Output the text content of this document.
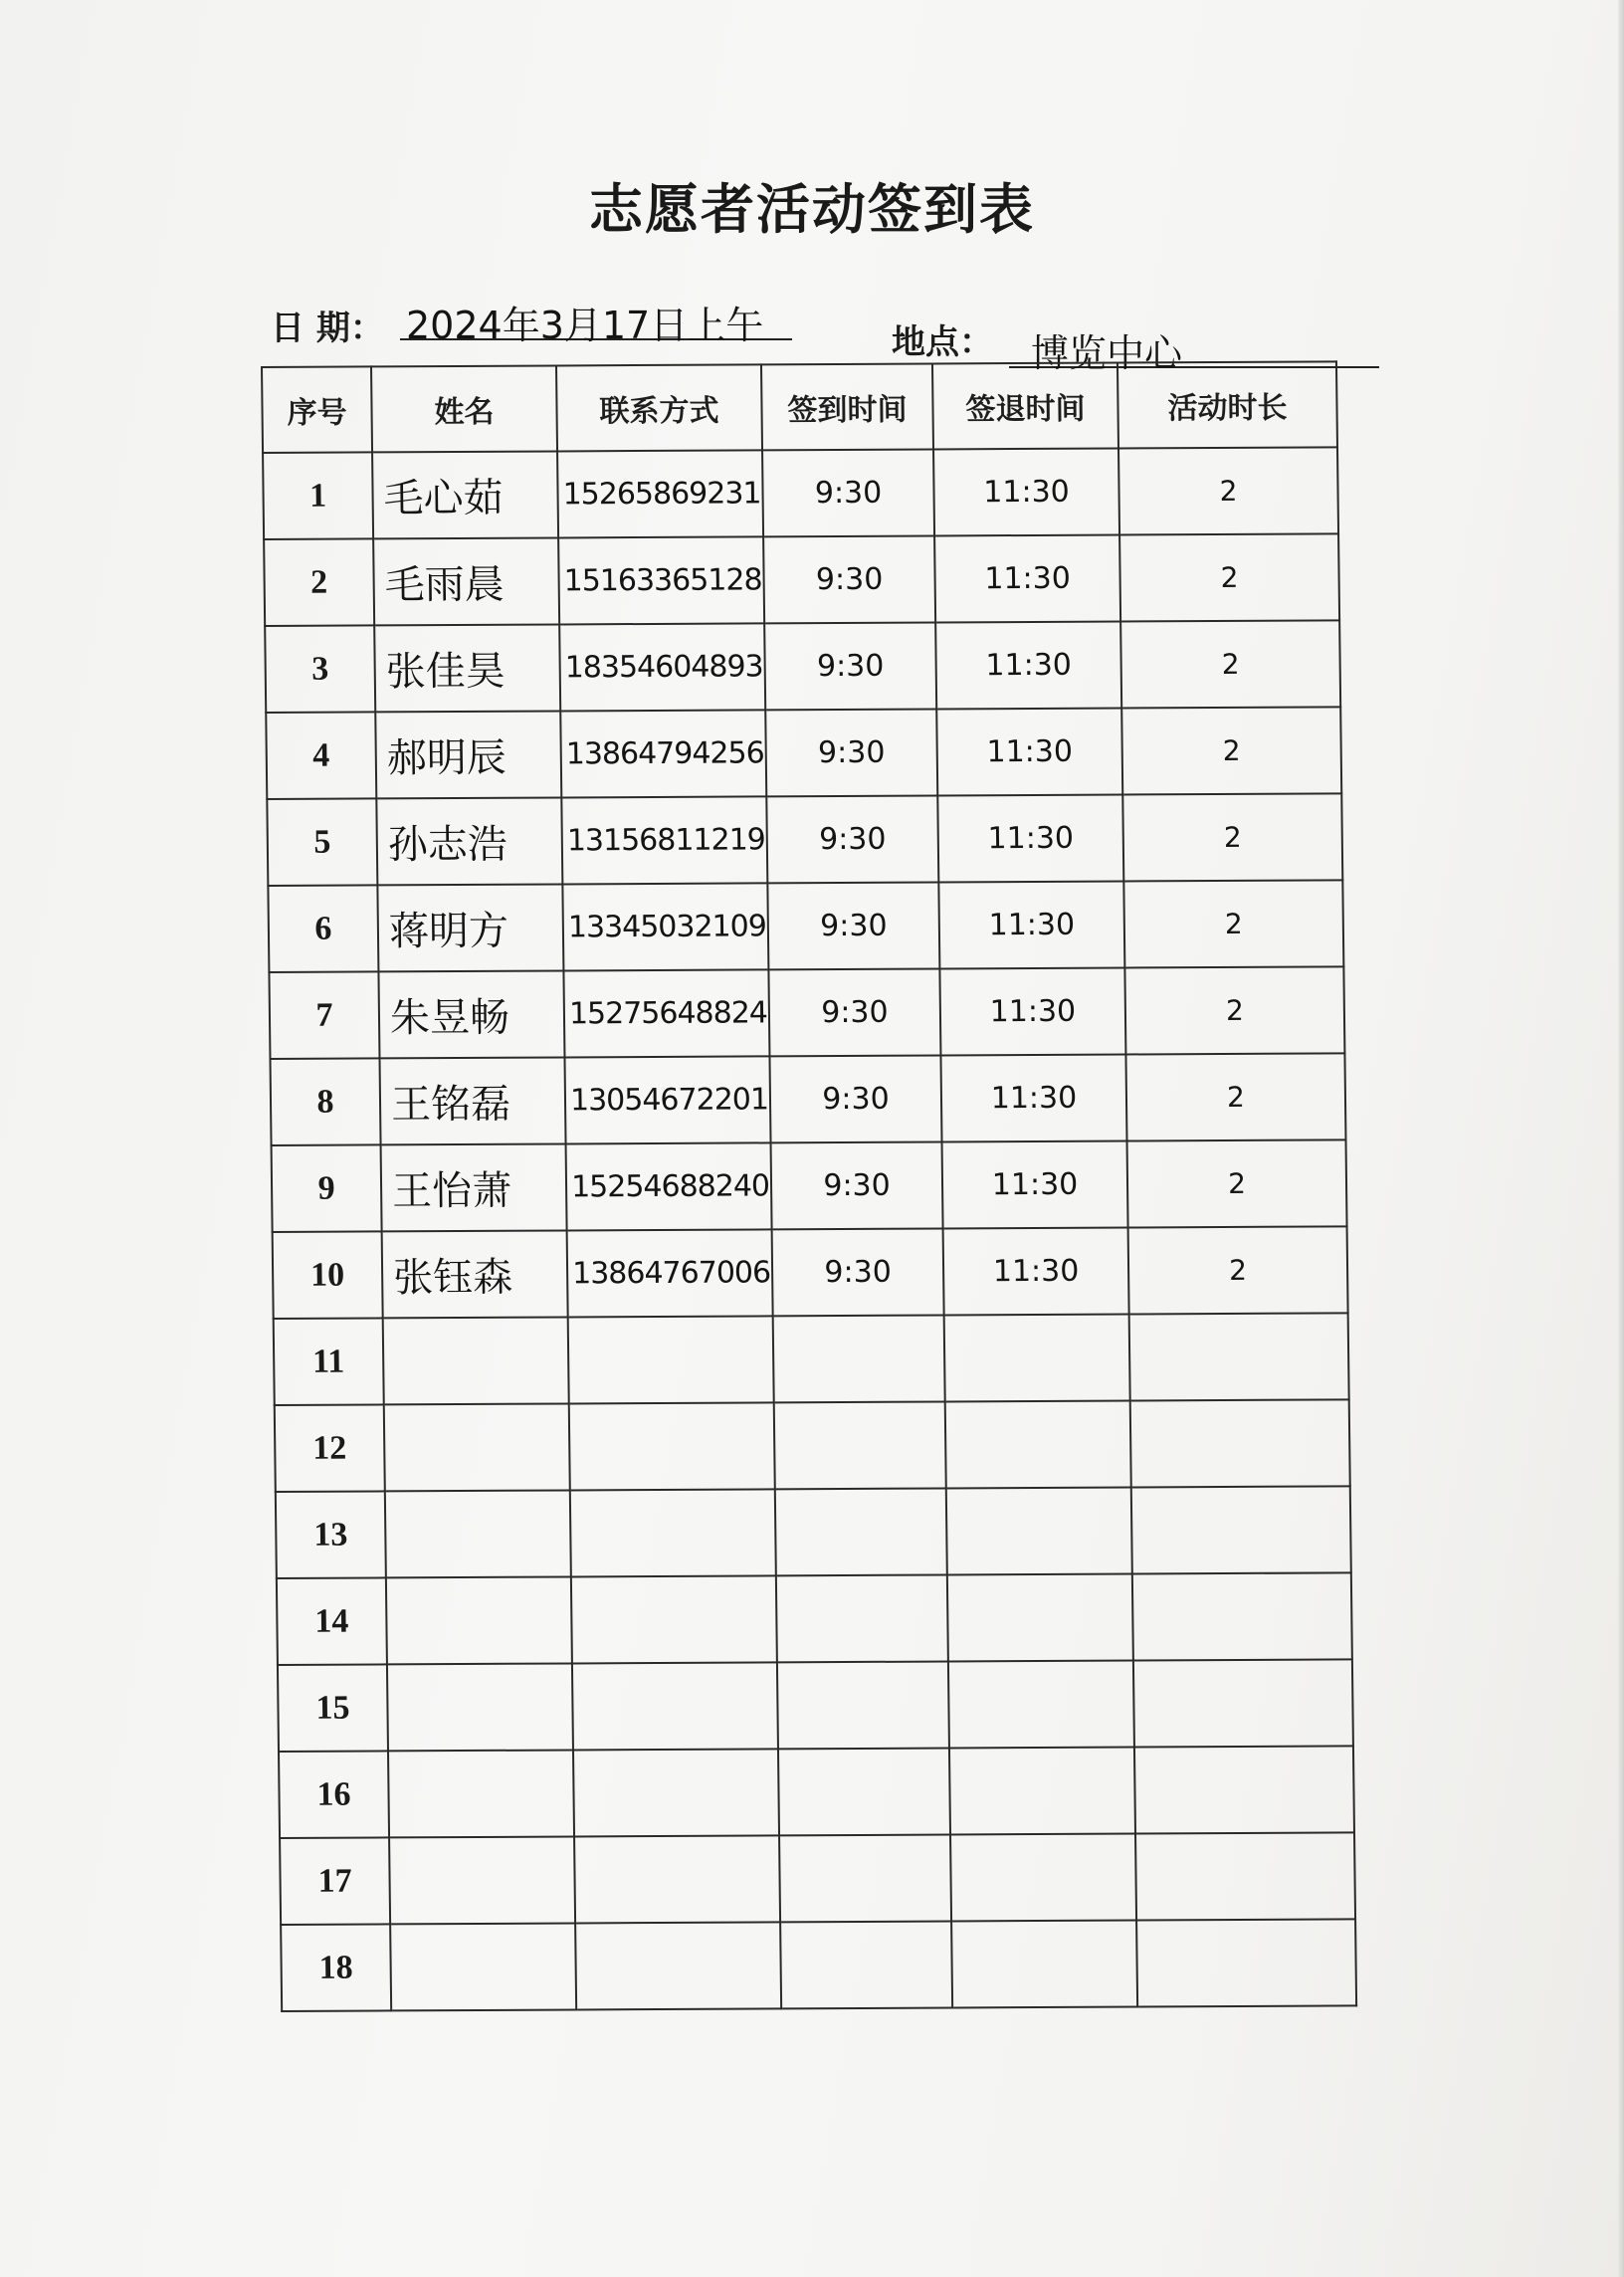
志愿者活动签到表
日 期： 2024年3月17日上午	地点： 博览中心
序号	姓名	联系方式	签到时间	签退时间	活动时长
1	毛心茹	15265869231	9:30	11:30	2
2	毛雨晨	15163365128	9:30	11:30	2
3	张佳昊	18354604893	9:30	11:30	2
4	郝明辰	13864794256	9:30	11:30	2
5	孙志浩	13156811219	9:30	11:30	2
6	蒋明方	13345032109	9:30	11:30	2
7	朱昱畅	15275648824	9:30	11:30	2
8	王铭磊	13054672201	9:30	11:30	2
9	王怡萧	15254688240	9:30	11:30	2
10	张钰森	13864767006	9:30	11:30	2
11					
12					
13					
14					
15					
16					
17					
18					
